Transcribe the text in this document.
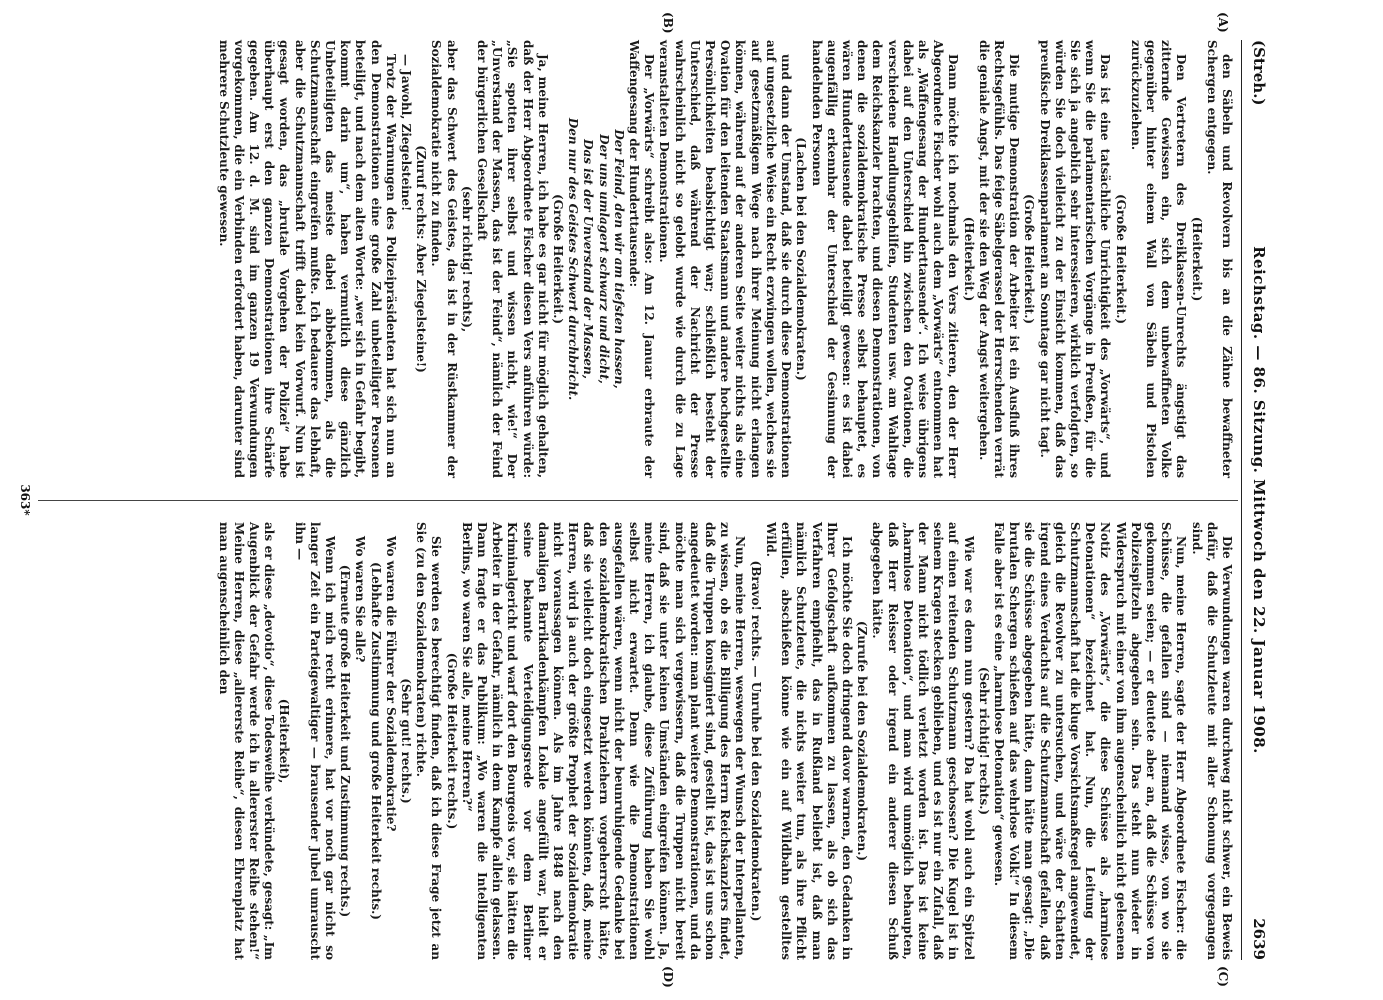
Reichstag. — 86. Sitzung. Mittwoch den 22. Januar 1908.
(Streh.)
2639
(A)
(B)
(C)
(D)

den Säbeln und Revolvern bis an die Zähne bewaffneter Schergen entgegen.

(Heiterkeit.)

Den Vertretern des Dreiklassen-Unrechts ängstigt das zitternde Gewissen ein, sich dem unbewaffneten Volke gegenüber hinter einem Wall von Säbeln und Pistolen zurückzuziehen.

(Große Heiterkeit.)

Das ist eine tatsächliche Unrichtigkeit des „Vorwärts“, und wenn Sie die parlamentarischen Vorgänge in Preußen, für die Sie sich ja angeblich sehr interessieren, wirklich verfolgten, so würden Sie doch vielleicht zu der Einsicht kommen, daß das preußische Dreiklassenparlament an Sonntage gar nicht tagt.

(Große Heiterkeit.)

Die mutige Demonstration der Arbeiter ist ein Ausfluß ihres Rechtsgefühls. Das feige Säbelgerassel der Herrschenden verrät die geniale Angst, mit der sie den Weg der Angst weitergehen.

(Heiterkeit.)

Dann möchte ich nochmals den Vers zitieren, den der Herr Abgeordnete Fischer wohl auch dem „Vorwärts“ entnommen hat als „Waffengesang der Hunderttausende“. Ich weise übrigens dabei auf den Unterschied hin zwischen den Ovationen, die verschiedene Handlungsgehilfen, Studenten usw. am Wahltage dem Reichskanzler brachten, und diesen Demonstrationen, von denen die sozialdemokratische Presse selbst behauptet, es wären Hunderttausende dabei beteiligt gewesen: es ist dabei augenfällig erkennbar der Unterschied der Gesinnung der handelnden Personen

(Lachen bei den Sozialdemokraten.)

und dann der Umstand, daß sie durch diese Demonstrationen auf ungesetzliche Weise ein Recht erzwingen wollen, welches sie auf gesetzmäßigem Wege nach ihrer Meinung nicht erlangen können, während auf der anderen Seite weiter nichts als eine Ovation für den leitenden Staatsmann und andere hochgestellte Persönlichkeiten beabsichtigt war; schließlich besteht der Unterschied, daß während der Nachricht der Presse wahrscheinlich nicht so gelobt wurde wie durch die zu Lage veranstalteten Demonstrationen.

Der „Vorwärts“ schreibt also: Am 12. Januar erbraute der Waffengesang der Hunderttausende:

Der Feind, den wir am tiefsten hassen,

Der uns umlagert schwarz und dicht,

Das ist der Unverstand der Massen,

Den nur des Geistes Schwert durchbricht.

(Große Heiterkeit.)

Ja, meine Herren, ich habe es gar nicht für möglich gehalten, daß der Herr Abgeordnete Fischer diesen Vers anführen würde: „Sie spotten ihrer selbst und wissen nicht, wie!“ Der „Unverstand der Massen, das ist der Feind“, nämlich der Feind der bürgerlichen Gesellschaft

(sehr richtig! rechts),

aber das Schwert des Geistes, das ist in der Rüstkammer der Sozialdemokratie nicht zu finden.

(Zuruf rechts: Aber Ziegelsteine!)

— Jawohl, Ziegelsteine!

Trotz der Warnungen des Polizeipräsidenten hat sich nun an den Demonstrationen eine große Zahl unbeteiligter Personen beteiligt, und nach dem alten Worte: „wer sich in Gefahr begibt, kommt darin um“, haben vermutlich diese gänzlich Unbeteiligten das meiste dabei abbekommen, als die Schutzmannschaft eingreifen mußte. Ich bedauere das lebhaft, aber die Schutzmannschaft trifft dabei kein Vorwurf. Nun ist gesagt worden, das „brutale Vorgehen der Polizei“ habe überhaupt erst den ganzen Demonstrationen ihre Schärfe gegeben. Am 12. d. M. sind im ganzen 19 Verwundungen vorgekommen, die ein Verbinden erfordert haben, darunter sind mehrere Schutzleute gewesen.

Die Verwundungen waren durchweg nicht schwer, ein Beweis dafür, daß die Schutzleute mit aller Schonung vorgegangen sind.

Nun, meine Herren, sagte der Herr Abgeordnete Fischer: die Schüsse, die gefallen sind — niemand wisse, von wo sie gekommen seien; — er deutete aber an, daß die Schüsse von Polizeispitzeln abgegeben sein. Das steht nun wieder in Widerspruch mit einer von ihm augenscheinlich nicht gelesenen Notiz des „Vorwärts“, die diese Schüsse als „harmlose Detonationen“ bezeichnet hat. Nun, die Leitung der Schutzmannschaft hat die kluge Vorsichtsmaßregel angewendet, gleich die Revolver zu untersuchen, und wäre der Schatten irgend eines Verdachts auf die Schutzmannschaft gefallen, daß sie die Schüsse abgegeben hätte, dann hätte man gesagt: „Die brutalen Schergen schießen auf das wehrlose Volk!“ In diesem Falle aber ist es eine „harmlose Detonation“ gewesen.

(Sehr richtig! rechts.)

Wie war es denn nun gestern? Da hat wohl auch ein Spitzel auf einen reitenden Schutzmann geschossen? Die Kugel ist in seinem Kragen stecken geblieben, und es ist nur ein Zufall, daß der Mann nicht tödlich verletzt worden ist. Das ist keine „harmlose Detonation“, und man wird unmöglich behaupten, daß Herr Reisser oder irgend ein anderer diesen Schuß abgegeben hätte.

(Zurufe bei den Sozialdemokraten.)

Ich möchte Sie doch dringend davor warnen, den Gedanken in Ihrer Gefolgschaft aufkommen zu lassen, als ob sich das Verfahren empfiehlt, das in Rußland beliebt ist, daß man nämlich Schutzleute, die nichts weiter tun, als ihre Pflicht erfüllen, abschießen könne wie ein auf Wildbahn gestelltes Wild.

(Bravo! rechts. — Unruhe bei den Sozialdemokraten.)

Nun, meine Herren, weswegen der Wunsch der Interpellanten, zu wissen, ob es die Billigung des Herrn Reichskanzlers findet, daß die Truppen konsigniert sind, gestellt ist, das ist uns schon angedeutet worden: man plant weitere Demonstrationen, und da möchte man sich vergewissern, daß die Truppen nicht bereit sind, daß sie unter keinen Umständen eingreifen können. Ja, meine Herren, ich glaube, diese Zuführung haben Sie wohl selbst nicht erwartet. Denn wie die Demonstrationen ausgefallen wären, wenn nicht der beunruhigende Gedanke bei den sozialdemokratischen Drahtziehern vorgeherrscht hätte, daß sie vielleicht doch eingesetzt werden könnten, daß, meine Herren, wird ja auch der größte Prophet der Sozialdemokratie nicht voraussagen können. Als im Jahre 1848 nach den damaligen Barrikadenkämpfen Lokale angefüllt war, hielt er seine bekannte Verteidigungsrede vor dem Berliner Kriminalgericht und warf dort den Bourgeois vor, sie hätten die Arbeiter in der Gefahr, nämlich in dem Kampfe allein gelassen. Dann fragte er das Publikum: „Wo waren die Intelligenten Berlins, wo waren Sie alle, meine Herren?“

(Große Heiterkeit rechts.)

Sie werden es berechtigt finden, daß ich diese Frage jetzt an Sie (zu den Sozialdemokraten) richte.

(Sehr gut! rechts.)

Wo waren die Führer der Sozialdemokratie?

(Lebhafte Zustimmung und große Heiterkeit rechts.)

Wo waren Sie alle?

(Erneute große Heiterkeit und Zustimmung rechts.)

Wenn ich mich recht erinnere, hat vor noch gar nicht so langer Zeit ein Parteigewaltiger — brausender Jubel umrauscht ihn —

(Heiterkeit),

als er diese „devotio“, diese Todesweihe verkündete, gesagt: „Im Augenblick der Gefahr werde ich in allererster Reihe stehen!“ Meine Herren, diese „allererste Reihe“, diesen Ehrenplatz hat man augenscheinlich den

363*
